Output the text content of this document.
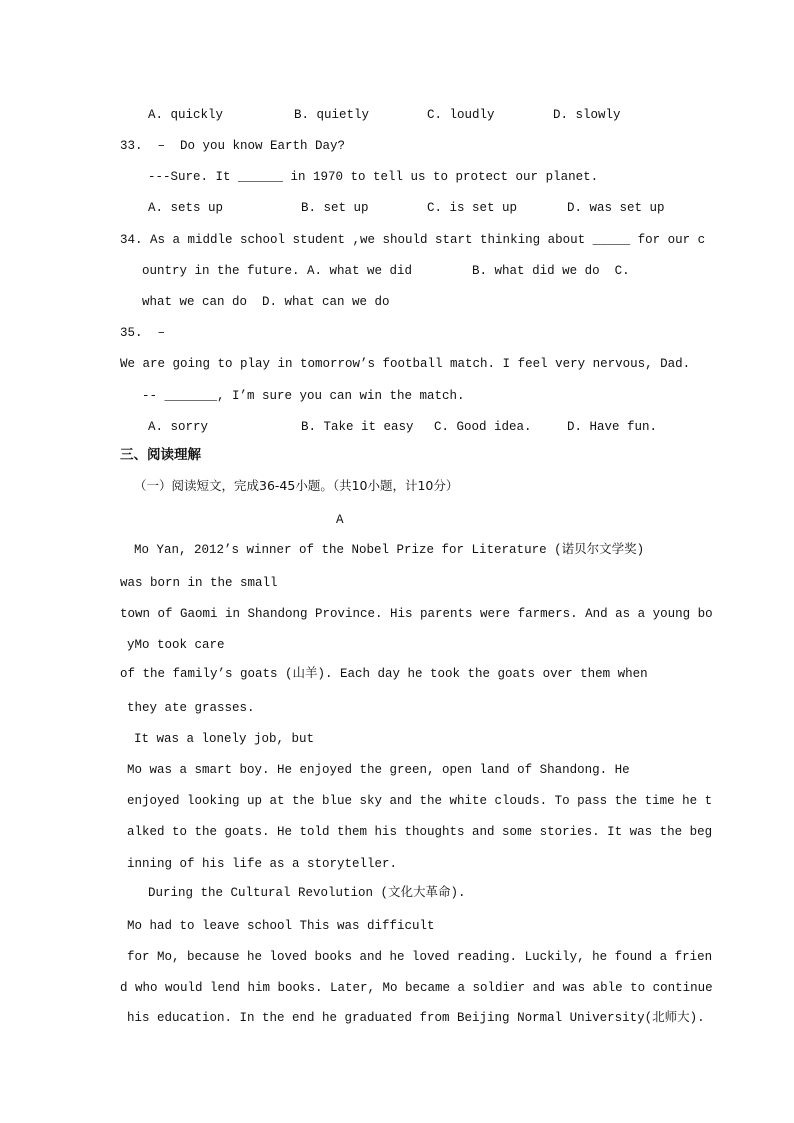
A. quickly	B. quietly	C. loudly	D. slowly
33.  –  Do you know Earth Day?
---Sure. It ______ in 1970 to tell us to protect our planet.
A. sets up	B. set up	C. is set up	D. was set up
34. As a middle school student ,we should start thinking about _____ for our c
ountry in the future. A. what we did        B. what did we do  C.
what we can do  D. what can we do
35.  –
We are going to play in tomorrow’s football match. I feel very nervous, Dad.
-- _______, I’m sure you can win the match.
A. sorry	B. Take it easy C. Good idea.	D. Have fun.
三、阅读理解
（一）阅读短文，完成36-45小题。（共10小题，计10分）
A
Mo Yan, 2012’s winner of the Nobel Prize for Literature (诺贝尔文学奖)
was born in the small
town of Gaomi in Shandong Province. His parents were farmers. And as a young bo
yMo took care
of the family’s goats (山羊). Each day he took the goats over them when
they ate grasses.
It was a lonely job, but
Mo was a smart boy. He enjoyed the green, open land of Shandong. He
enjoyed looking up at the blue sky and the white clouds. To pass the time he t
alked to the goats. He told them his thoughts and some stories. It was the beg
inning of his life as a storyteller.
During the Cultural Revolution (文化大革命).
Mo had to leave school This was difficult
for Mo, because he loved books and he loved reading. Luckily, he found a frien
d who would lend him books. Later, Mo became a soldier and was able to continue
his education. In the end he graduated from Beijing Normal University(北师大).
